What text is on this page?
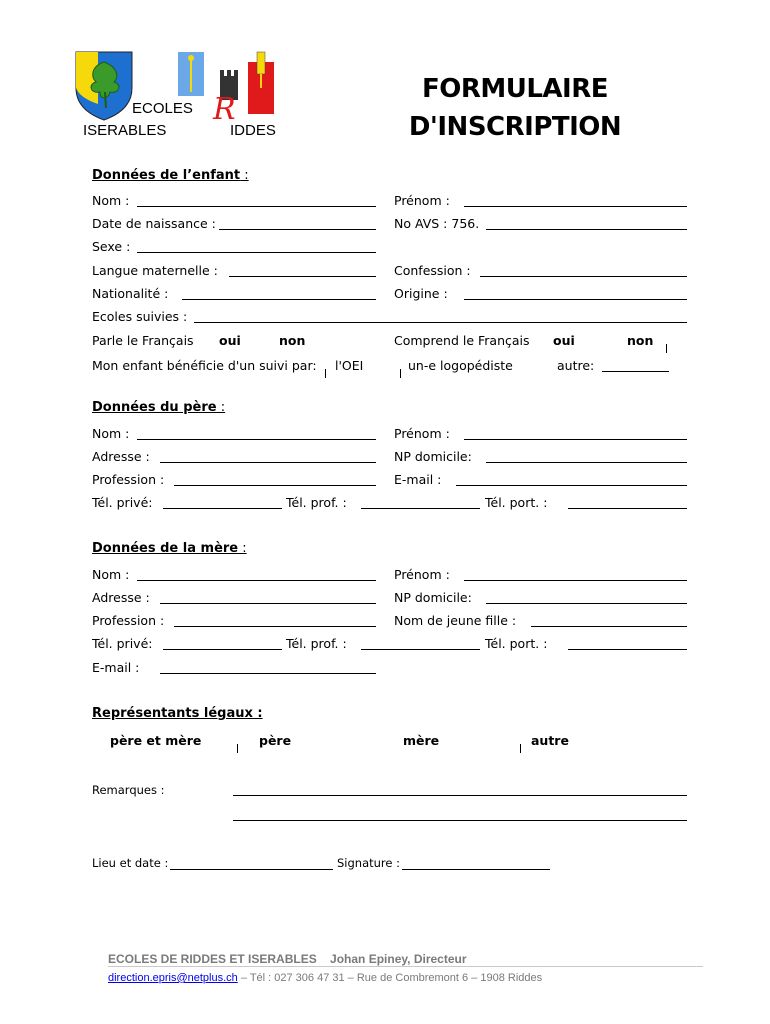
ECOLES
ISERABLES
R
IDDES
FORMULAIRE
D'INSCRIPTION
Données de l’enfant :
Nom :	Prénom :
Date de naissance :	No AVS : 756.
Sexe :
Langue maternelle :	Confession :
Nationalité :	Origine :
Ecoles suivies :
Parle le Français oui	non	Comprend le Français oui	non
Mon enfant bénéficie d'un suivi par: l'OEI	un-e logopédiste	autre:
Données du père :
Nom :	Prénom :
Adresse :	NP domicile:
Profession :	E-mail :
Tél. privé:	Tél. prof. :	Tél. port. :
Données de la mère :
Nom :	Prénom :
Adresse :	NP domicile:
Profession :	Nom de jeune fille :
Tél. privé:	Tél. prof. :	Tél. port. :
E-mail :
Représentants légaux :
père et mère	père	mère	autre
Remarques :
Lieu et date :	Signature :
ECOLES DE RIDDES ET ISERABLES    Johan Epiney, Directeur
direction.epris@netplus.ch – Tél : 027 306 47 31 – Rue de Combremont 6 – 1908 Riddes
